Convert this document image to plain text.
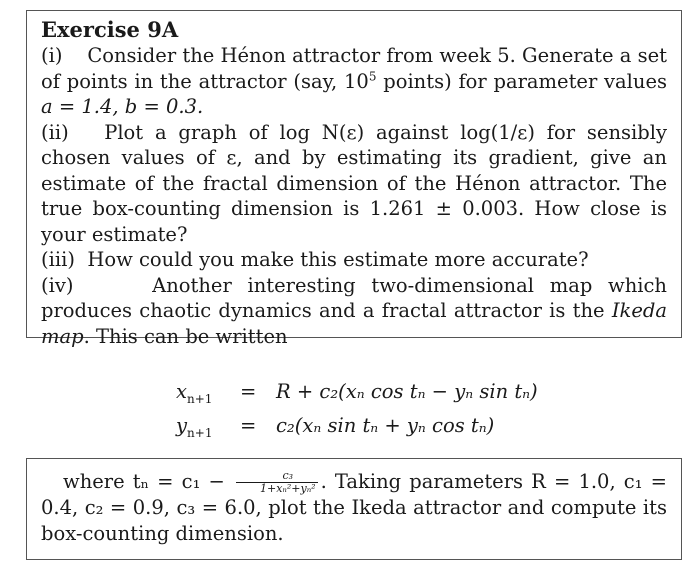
Exercise 9A

(i) Consider the Hénon attractor from week 5. Generate a set of points in the attractor (say, $10^5$ points) for parameter values a = 1.4, b = 0.3.

(ii) Plot a graph of log N(ε) against log(1/ε) for sensibly chosen values of ε, and by estimating its gradient, give an estimate of the fractal dimension of the Hénon attractor. The true box-counting dimension is 1.261 ± 0.003. How close is your estimate?

(iii) How could you make this estimate more accurate?

(iv)	Another interesting two-dimensional map which produces chaotic dynamics and a fractal attractor is the Ikeda map. This can be written

$x_{n+1} = R + c_2(x_n$ cos tₙ − yₙ sin tₙ)
$y_{n+1} = c_2(x_n$ sin tₙ + yₙ cos tₙ)

where $t_n = c_1 - \frac{\text{c₃}}{\text{1+xₙ²+yₙ²}}$ . Taking parameters R = 1.0, c₁ = 0.4, c₂ = 0.9, c₃ = 6.0, plot the Ikeda attractor and compute its box-counting dimension.
